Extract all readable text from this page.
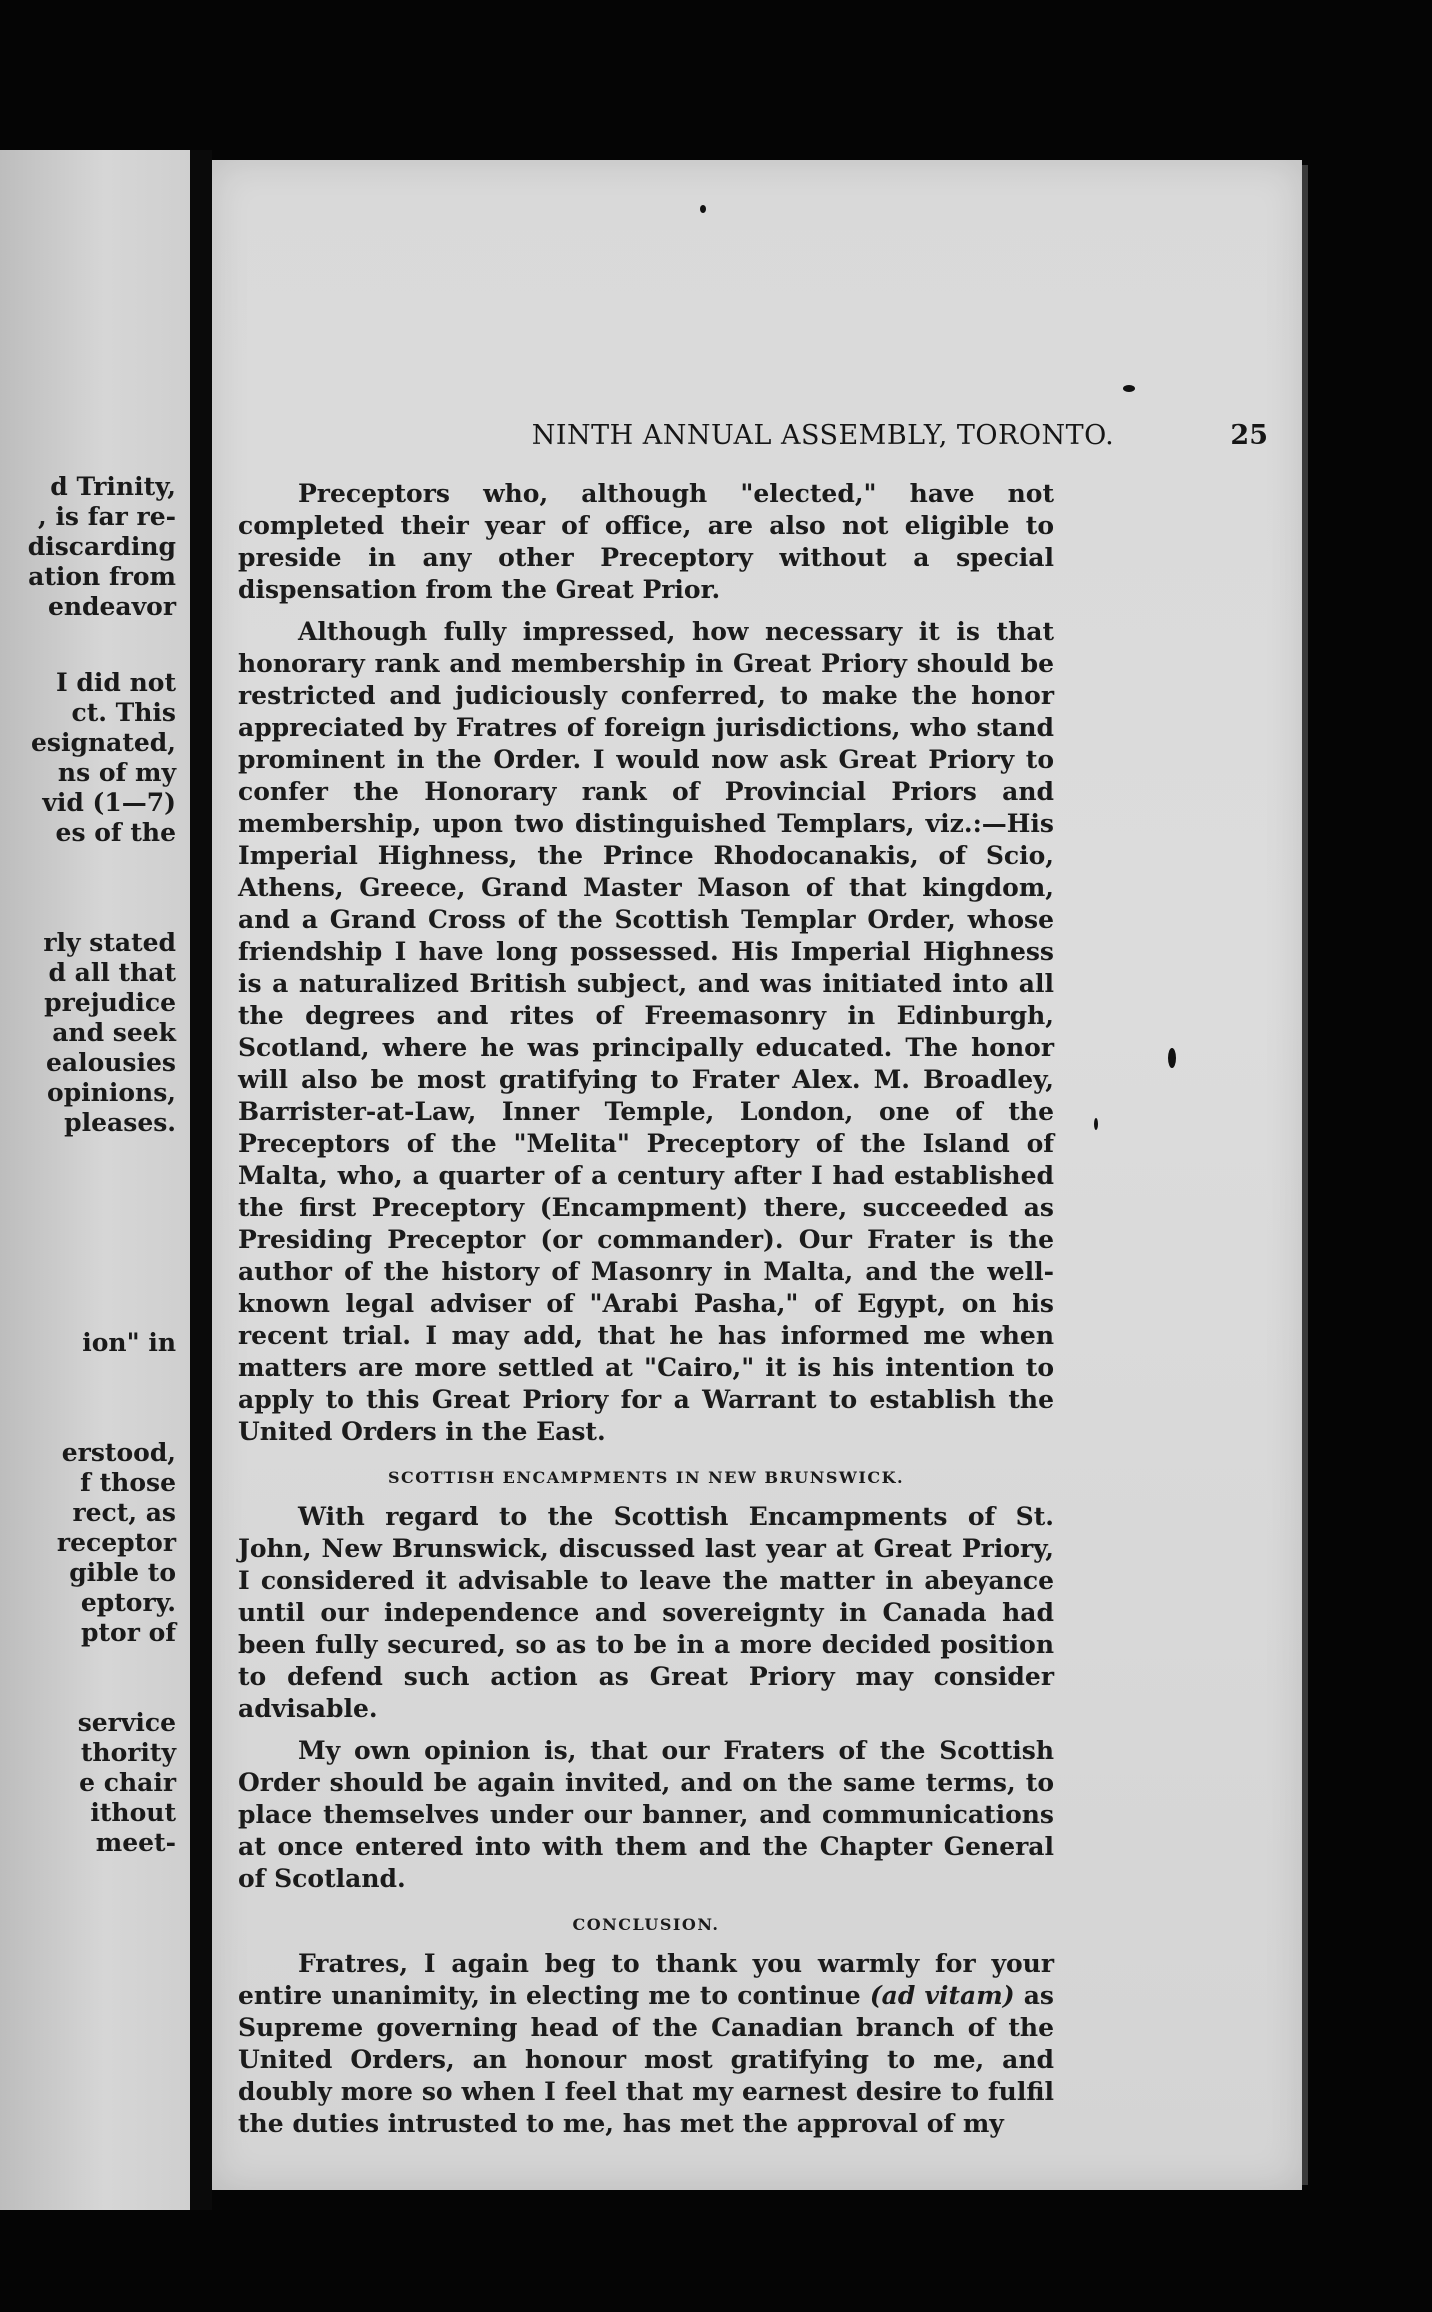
d Trinity,

, is far re-

discarding

ation from

endeavor

I did not

ct. This

esignated,

ns of my

vid (1—7)

es of the

rly stated

d all that

prejudice

and seek

ealousies

opinions,

pleases.

ion" in

erstood,

f those

rect, as

receptor

gible to

eptory.

ptor of

service

thority

e chair

ithout

meet-

NINTH ANNUAL ASSEMBLY, TORONTO.	25

Preceptors who, although "elected," have not completed their year of office, are also not eligible to preside in any other Preceptory without a special dispensation from the Great Prior.

Although fully impressed, how necessary it is that honorary rank and membership in Great Priory should be restricted and judiciously conferred, to make the honor appreciated by Fratres of foreign jurisdictions, who stand prominent in the Order. I would now ask Great Priory to confer the Honorary rank of Provincial Priors and membership, upon two distinguished Templars, viz.:—His Imperial Highness, the Prince Rhodocanakis, of Scio, Athens, Greece, Grand Master Mason of that kingdom, and a Grand Cross of the Scottish Templar Order, whose friendship I have long possessed. His Imperial Highness is a naturalized British subject, and was initiated into all the degrees and rites of Freemasonry in Edinburgh, Scotland, where he was principally educated. The honor will also be most gratifying to Frater Alex. M. Broadley, Barrister-at-Law, Inner Temple, London, one of the Preceptors of the "Melita" Preceptory of the Island of Malta, who, a quarter of a century after I had established the first Preceptory (Encampment) there, succeeded as Presiding Preceptor (or commander). Our Frater is the author of the history of Masonry in Malta, and the well-known legal adviser of "Arabi Pasha," of Egypt, on his recent trial. I may add, that he has informed me when matters are more settled at "Cairo," it is his intention to apply to this Great Priory for a Warrant to establish the United Orders in the East.

SCOTTISH ENCAMPMENTS IN NEW BRUNSWICK.

With regard to the Scottish Encampments of St. John, New Brunswick, discussed last year at Great Priory, I considered it advisable to leave the matter in abeyance until our independence and sovereignty in Canada had been fully secured, so as to be in a more decided position to defend such action as Great Priory may consider advisable.

My own opinion is, that our Fraters of the Scottish Order should be again invited, and on the same terms, to place themselves under our banner, and communications at once entered into with them and the Chapter General of Scotland.

CONCLUSION.

Fratres, I again beg to thank you warmly for your entire unanimity, in electing me to continue (ad vitam) as Supreme governing head of the Canadian branch of the United Orders, an honour most gratifying to me, and doubly more so when I feel that my earnest desire to fulfil the duties intrusted to me, has met the approval of my
